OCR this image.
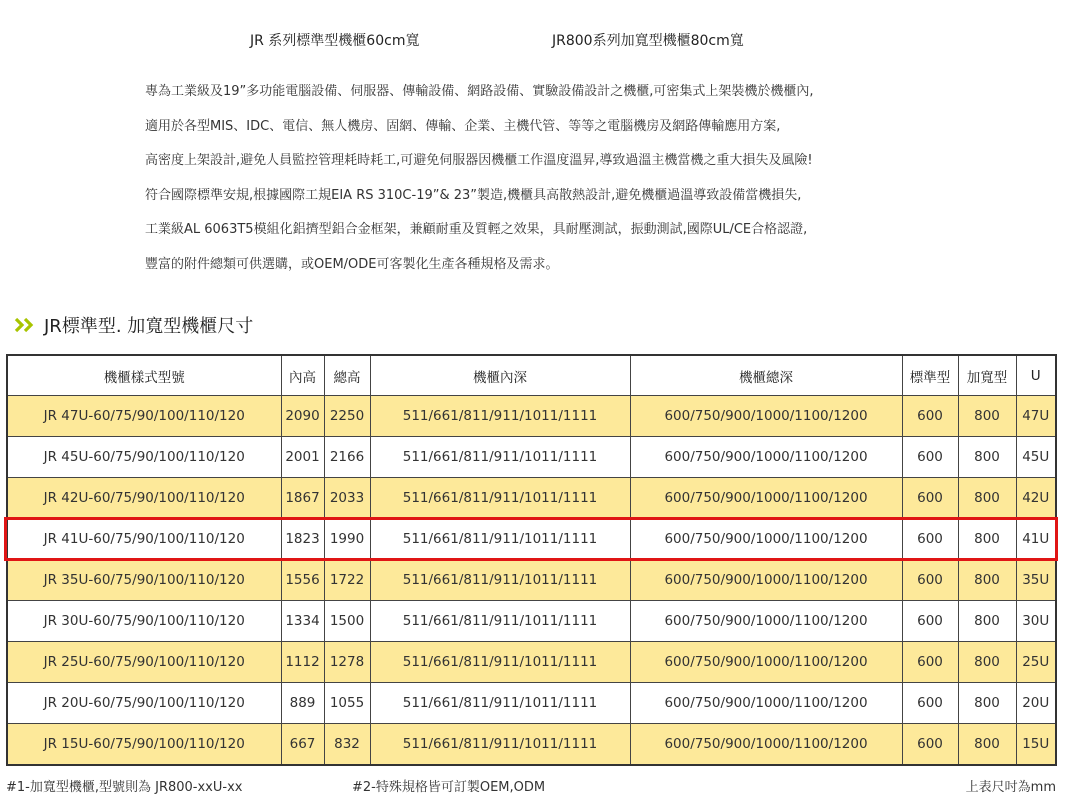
JR 系列標準型機櫃60cm寬	JR800系列加寬型機櫃80cm寬

專為工業級及19”多功能電腦設備、伺服器、傳輸設備、網路設備、實驗設備設計之機櫃,可密集式上架裝機於機櫃內,

適用於各型MIS、IDC、電信、無人機房、固網、傳輸、企業、主機代管、等等之電腦機房及網路傳輸應用方案,

高密度上架設計,避免人員監控管理耗時耗工,可避免伺服器因機櫃工作溫度溫昇,導致過溫主機當機之重大損失及風險!

符合國際標準安規,根據國際工規EIA RS 310C-19”& 23”製造,機櫃具高散熱設計,避免機櫃過溫導致設備當機損失,

工業級AL 6063T5模組化鋁擠型鋁合金框架，兼顧耐重及質輕之效果，具耐壓測試，振動測試,國際UL/CE合格認證,

豐富的附件總類可供選購，或OEM/ODE可客製化生產各種規格及需求。

JR標準型. 加寬型機櫃尺寸
機櫃樣式型號	內高	總高	機櫃內深	機櫃總深	標準型	加寬型	U
JR 47U-60/75/90/100/110/120	2090	2250	511/661/811/911/1011/1111	600/750/900/1000/1100/1200	600	800	47U
JR 45U-60/75/90/100/110/120	2001	2166	511/661/811/911/1011/1111	600/750/900/1000/1100/1200	600	800	45U
JR 42U-60/75/90/100/110/120	1867	2033	511/661/811/911/1011/1111	600/750/900/1000/1100/1200	600	800	42U
JR 41U-60/75/90/100/110/120	1823	1990	511/661/811/911/1011/1111	600/750/900/1000/1100/1200	600	800	41U
JR 35U-60/75/90/100/110/120	1556	1722	511/661/811/911/1011/1111	600/750/900/1000/1100/1200	600	800	35U
JR 30U-60/75/90/100/110/120	1334	1500	511/661/811/911/1011/1111	600/750/900/1000/1100/1200	600	800	30U
JR 25U-60/75/90/100/110/120	1112	1278	511/661/811/911/1011/1111	600/750/900/1000/1100/1200	600	800	25U
JR 20U-60/75/90/100/110/120	889	1055	511/661/811/911/1011/1111	600/750/900/1000/1100/1200	600	800	20U
JR 15U-60/75/90/100/110/120	667	832	511/661/811/911/1011/1111	600/750/900/1000/1100/1200	600	800	15U
#1-加寬型機櫃,型號則為 JR800-xxU-xx	#2-特殊規格皆可訂製OEM,ODM	上表尺吋為mm
